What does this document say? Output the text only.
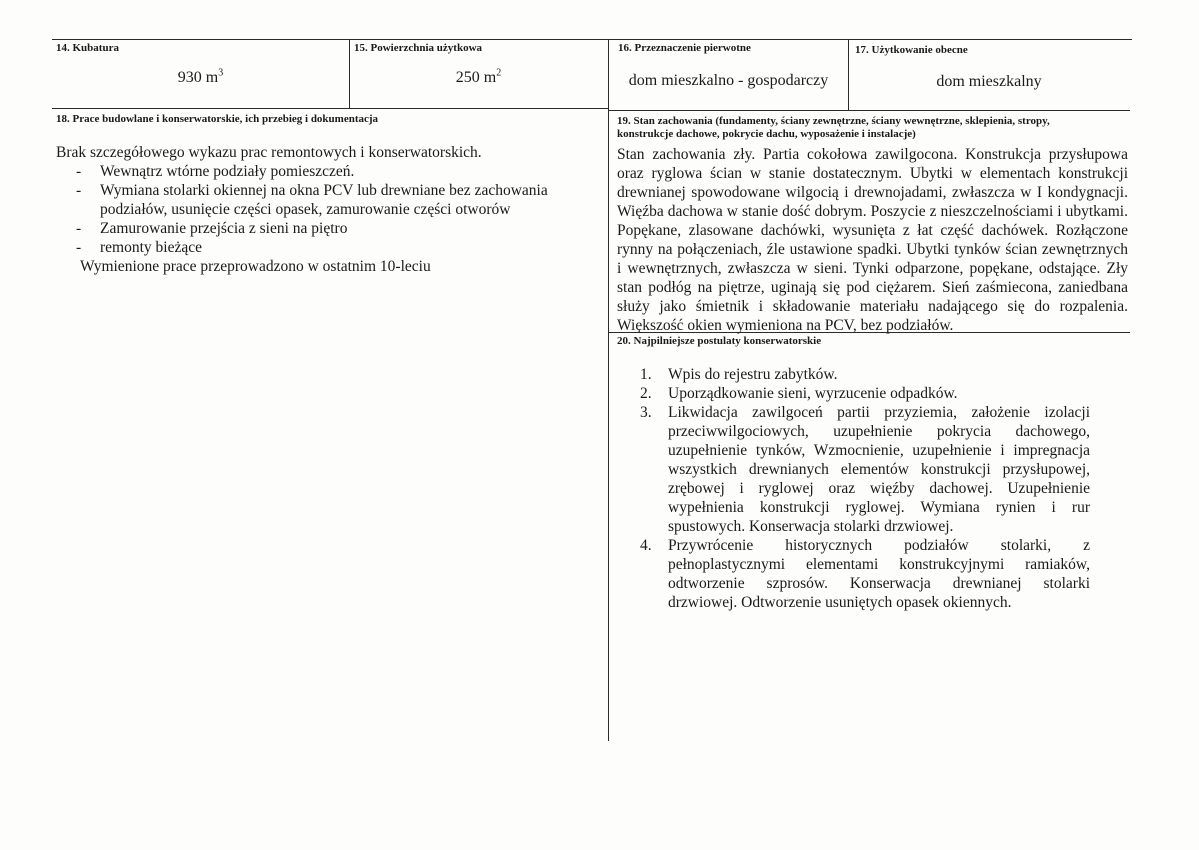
14. Kubatura
930 $m^3$
15. Powierzchnia użytkowa
250 $m^2$
16. Przeznaczenie pierwotne
dom mieszkalno - gospodarczy
17. Użytkowanie obecne
dom mieszkalny
18. Prace budowlane i konserwatorskie, ich przebieg i dokumentacja
Brak szczegółowego wykazu prac remontowych i konserwatorskich.
- Wewnątrz wtórne podziały pomieszczeń.
- Wymiana stolarki okiennej na okna PCV lub drewniane bez zachowania podziałów, usunięcie części opasek, zamurowanie części otworów
- Zamurowanie przejścia z sieni na piętro
- remonty bieżące
Wymienione prace przeprowadzono w ostatnim 10-leciu
19. Stan zachowania (fundamenty, ściany zewnętrzne, ściany wewnętrzne, sklepienia, stropy,
konstrukcje dachowe, pokrycie dachu, wyposażenie i instalacje)
Stan zachowania zły. Partia cokołowa zawilgocona. Konstrukcja przysłupowa oraz ryglowa ścian w stanie dostatecznym. Ubytki w elementach konstrukcji drewnianej spowodowane wilgocią i drewnojadami, zwłaszcza w I kondygnacji. Więźba dachowa w stanie dość dobrym. Poszycie z nieszczelnościami i ubytkami. Popękane, zlasowane dachówki, wysunięta z łat część dachówek. Rozłączone rynny na połączeniach, źle ustawione spadki. Ubytki tynków ścian zewnętrznych i wewnętrznych, zwłaszcza w sieni. Tynki odparzone, popękane, odstające. Zły stan podłóg na piętrze, uginają się pod ciężarem. Sień zaśmiecona, zaniedbana służy jako śmietnik i składowanie materiału nadającego się do rozpalenia. Większość okien wymieniona na PCV, bez podziałów.
20. Najpilniejsze postulaty konserwatorskie
1. Wpis do rejestru zabytków.
2. Uporządkowanie sieni, wyrzucenie odpadków.
3. Likwidacja zawilgoceń partii przyziemia, założenie izolacji przeciwwilgociowych, uzupełnienie pokrycia dachowego, uzupełnienie tynków, Wzmocnienie, uzupełnienie i impregnacja wszystkich drewnianych elementów konstrukcji przysłupowej, zrębowej i ryglowej oraz więźby dachowej. Uzupełnienie wypełnienia konstrukcji ryglowej. Wymiana rynien i rur spustowych. Konserwacja stolarki drzwiowej.
4. Przywrócenie historycznych podziałów stolarki, z pełnoplastycznymi elementami konstrukcyjnymi ramiaków, odtworzenie szprosów. Konserwacja drewnianej stolarki drzwiowej. Odtworzenie usuniętych opasek okiennych.
